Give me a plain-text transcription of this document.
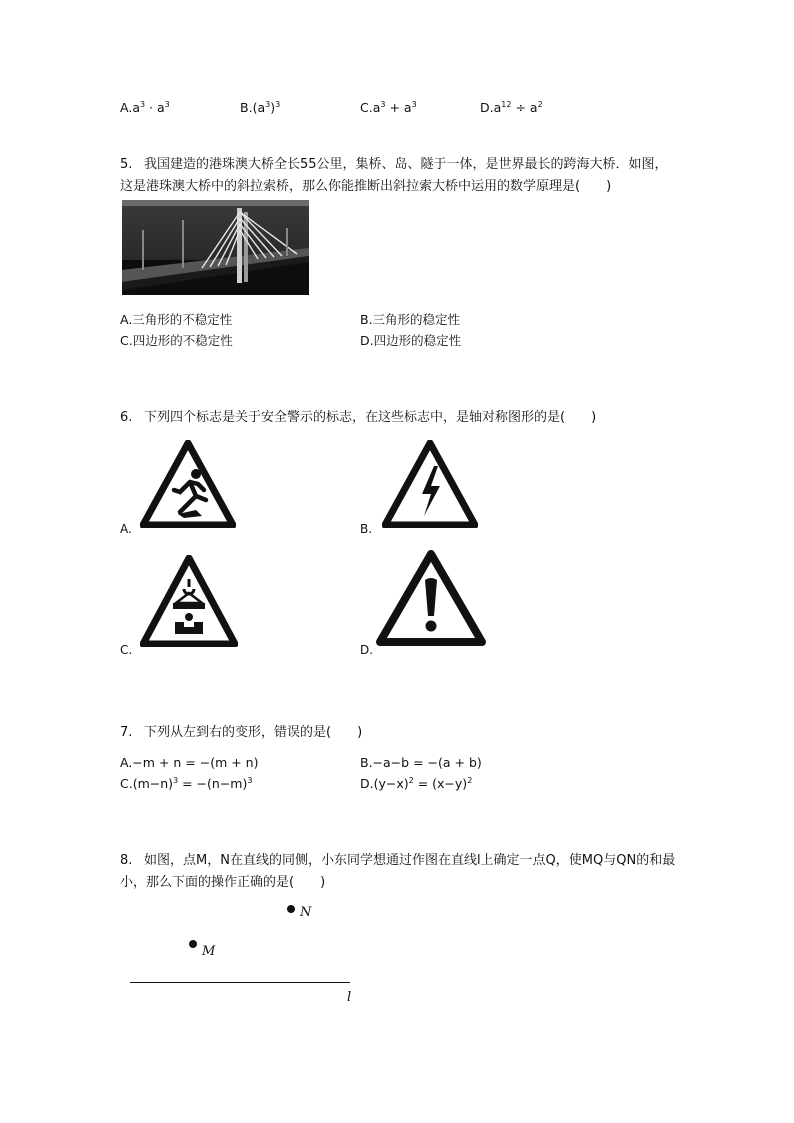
$A.a^3 \cdot a^3$	$B.(a^3)^3$	$C.a^3 + a^3$	$D.a^{12} \div a^2$
5. 我国建造的港珠澳大桥全长55公里，集桥、岛、隧于一体，是世界最长的跨海大桥．如图，这是港珠澳大桥中的斜拉索桥，那么你能推断出斜拉索大桥中运用的数学原理是(　　)
A.三角形的不稳定性	B.三角形的稳定性
C.四边形的不稳定性	D.四边形的稳定性
6. 下列四个标志是关于安全警示的标志，在这些标志中，是轴对称图形的是(　　)
A.	B.
C.	D.
7. 下列从左到右的变形，错误的是(　　)
A.−m + n = −(m + n)	B.−a−b = −(a + b)
$C.(m-n)^3 = -(n-m)^3$	$D.(y-x)^2 = (x-y)^2$
8. 如图，点M，N在直线的同侧，小东同学想通过作图在直线l上确定一点Q，使MQ与QN的和最小，那么下面的操作正确的是(　　)
N
M
l
